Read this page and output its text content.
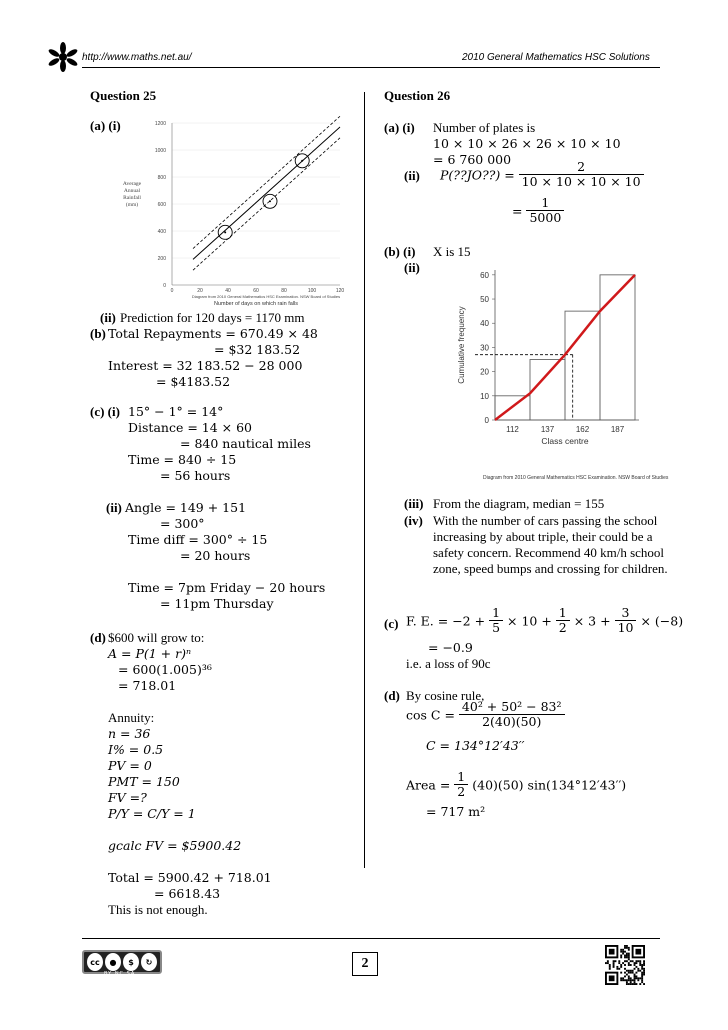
http://www.maths.net.au/	2010 General Mathematics HSC Solutions
Question 25
(a) (i)
0
200
400
600
800
1000
1200
0	20	40	60	80	100	120
Average
Annual
Rainfall
(mm)
Number of days on which rain falls
Diagram from 2010 General Mathematics HSC Examination. NSW Board of Studies
(ii) Prediction for 120 days = 1170 mm
(b) Total Repayments = 670.49 × 48
= $32 183.52
Interest = 32 183.52 − 28 000
= $4183.52
(c) (i) 15° − 1° = 14°
Distance = 14 × 60
= 840 nautical miles
Time = 840 ÷ 15
= 56 hours
(ii) Angle = 149 + 151
= 300°
Time diff = 300° ÷ 15
= 20 hours
Time = 7pm Friday − 20 hours
= 11pm Thursday
(d) $600 will grow to:
A = P(1 + r)ⁿ
= 600(1.005)³⁶
= 718.01
Annuity:
n = 36
I% = 0.5
PV = 0
PMT = 150
FV =?
P/Y = C/Y = 1
gcalc FV = $5900.42
Total = 5900.42 + 718.01
= 6618.43
This is not enough.
Question 26
(a) (i) Number of plates is
10 × 10 × 26 × 26 × 10 × 10
= 6 760 000
(ii) P(??JO??) = $\frac{2}{10 \times 10 \times 10 \times 10}$
= $\frac{1}{5000}$
(b) (i) X is 15
(ii)
0
10
20
30
40
50
60
Cumulative frequency
112	137	162	187
Class centre
Diagram from 2010 General Mathematics HSC Examination. NSW Board of Studies
(iii) From the diagram, median = 155
(iv) With the number of cars passing the school increasing by about triple, their could be a safety concern. Recommend 40 km/h school zone, speed bumps and crossing for children.
(c) F. E. = $-2 + \frac{1}{5} \times 10 + \frac{1}{2} \times 3 + \frac{3}{10} \times (-8)$
= −0.9
i.e. a loss of 90c
(d) By cosine rule,
$\cos C = \frac{\text{40² + 50² − 83²}}{2(40)(50)}$
C = 134°12′43′′
Area = $\frac{1}{2} (40)(50)$ sin(134°12′43′′)
= 717 m²
cc	●	$	↻
BY NC SA
2
